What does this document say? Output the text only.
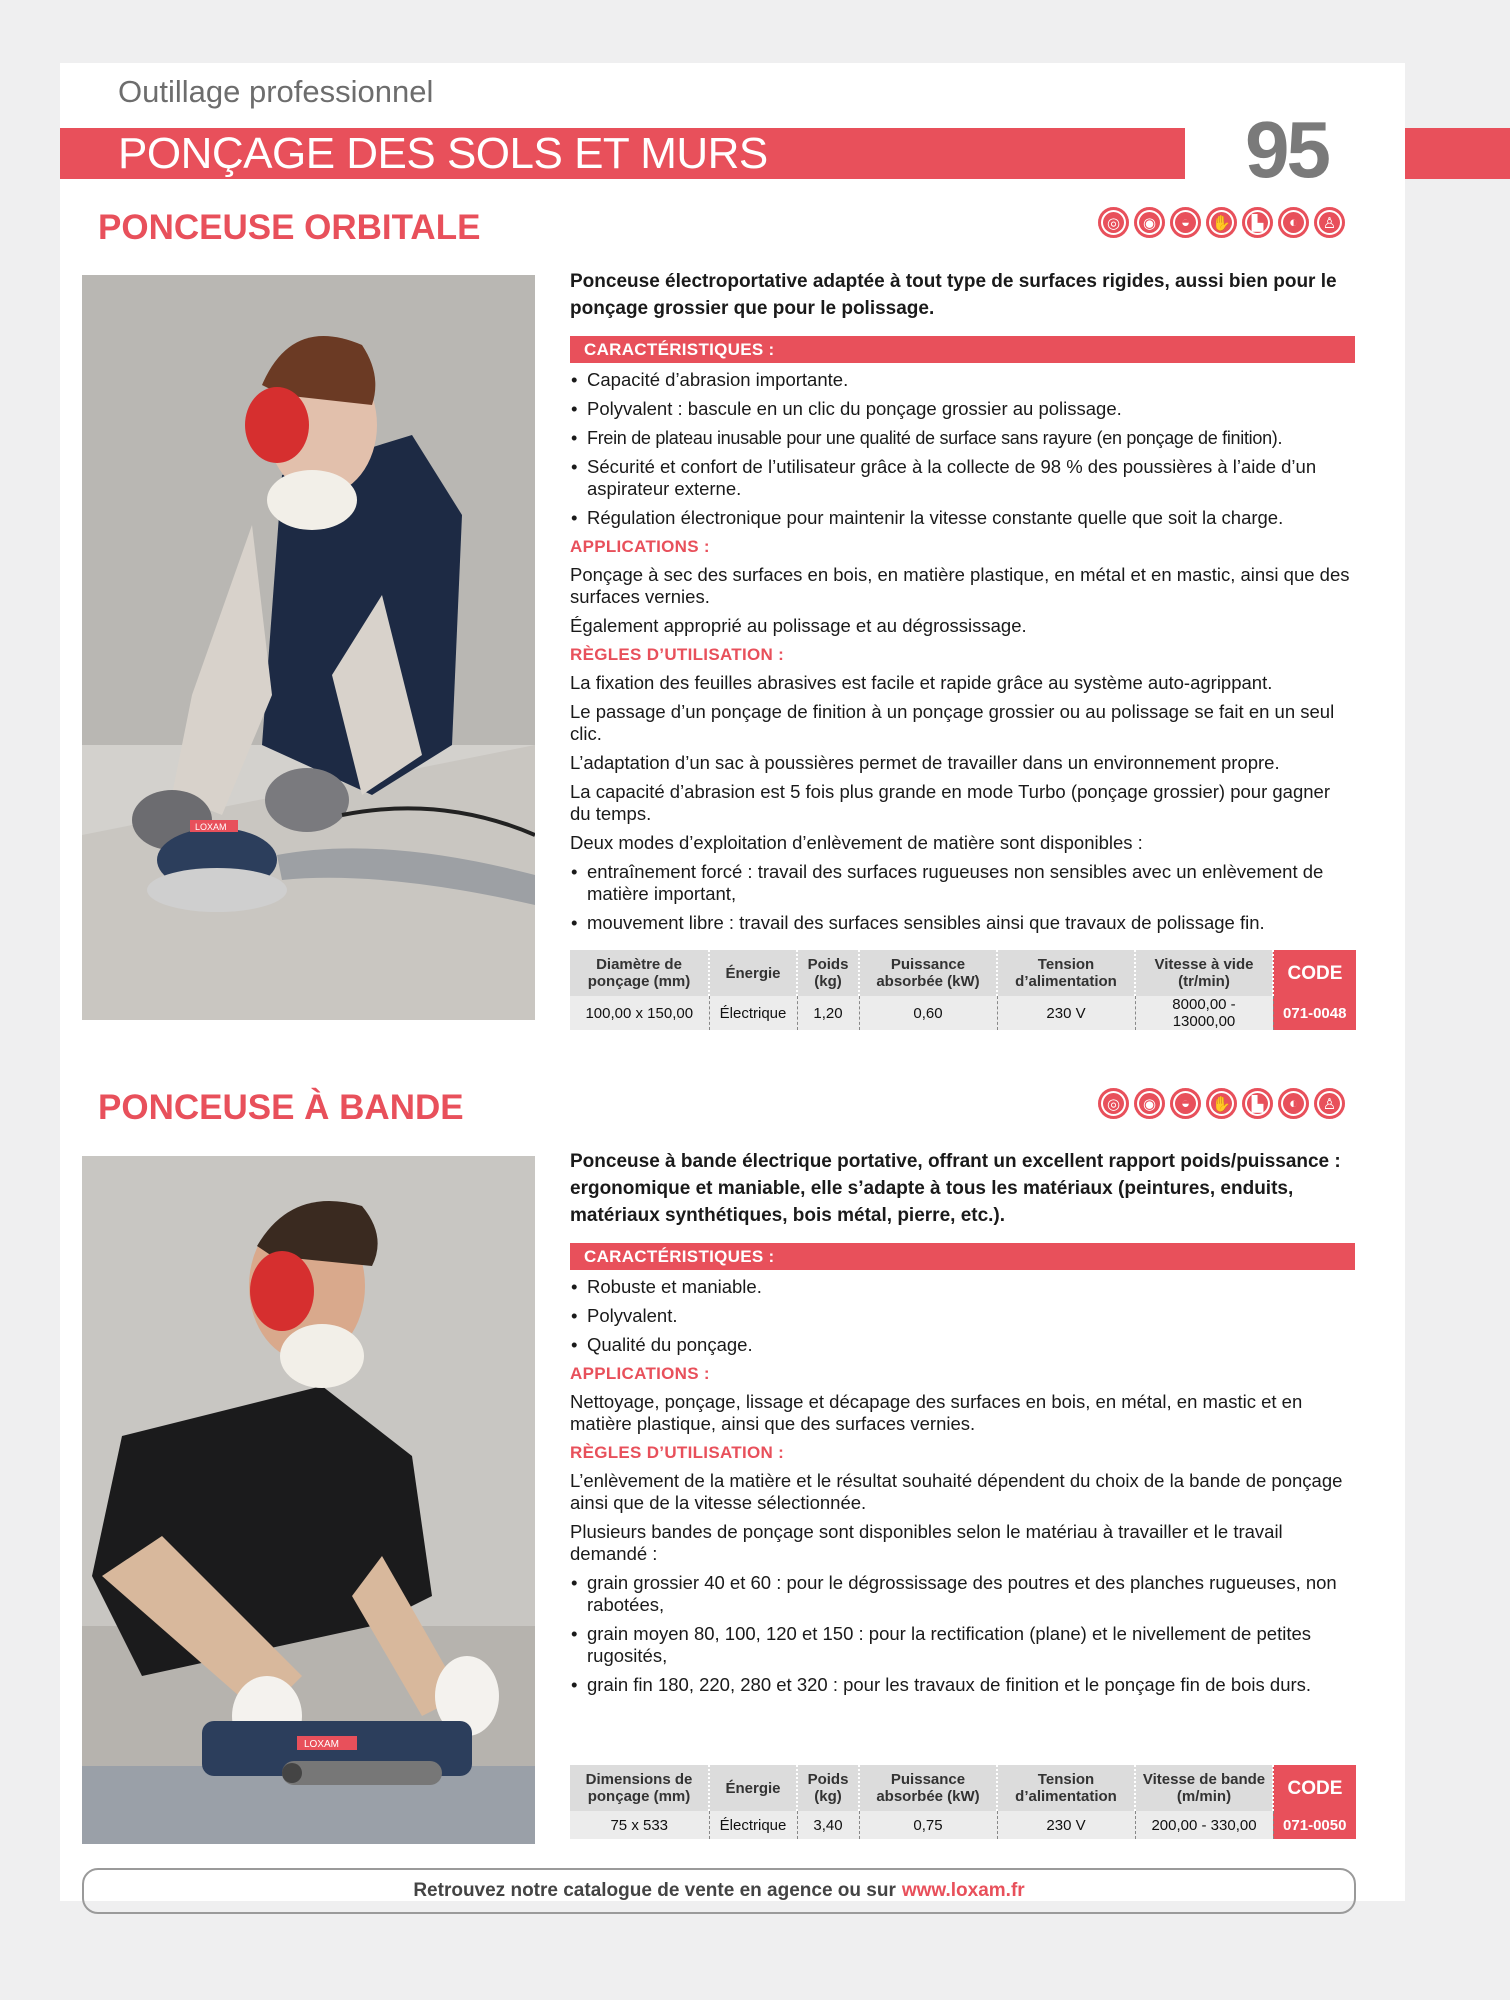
Outillage professionnel
PONÇAGE DES SOLS ET MURS	95
PONCEUSE ORBITALE	◎	◉	◒	✋	▙	◐	♙
LOXAM

Ponceuse électroportative adaptée à tout type de surfaces rigides, aussi bien pour le ponçage grossier que pour le polissage.

CARACTÉRISTIQUES :
• Capacité d’abrasion importante.
• Polyvalent : bascule en un clic du ponçage grossier au polissage.
• Frein de plateau inusable pour une qualité de surface sans rayure (en ponçage de finition).
• Sécurité et confort de l’utilisateur grâce à la collecte de 98 % des poussières à l’aide d’un aspirateur externe.
• Régulation électronique pour maintenir la vitesse constante quelle que soit la charge.
APPLICATIONS :

Ponçage à sec des surfaces en bois, en matière plastique, en métal et en mastic, ainsi que des surfaces vernies.

Également approprié au polissage et au dégrossissage.

RÈGLES D’UTILISATION :

La fixation des feuilles abrasives est facile et rapide grâce au système auto-agrippant.

Le passage d’un ponçage de finition à un ponçage grossier ou au polissage se fait en un seul clic.

L’adaptation d’un sac à poussières permet de travailler dans un environnement propre.

La capacité d’abrasion est 5 fois plus grande en mode Turbo (ponçage grossier) pour gagner du temps.

Deux modes d’exploitation d’enlèvement de matière sont disponibles :

• entraînement forcé : travail des surfaces rugueuses non sensibles avec un enlèvement de matière important,
• mouvement libre : travail des surfaces sensibles ainsi que travaux de polissage fin.
Diamètre de ponçage (mm)	Énergie	Poids (kg)	Puissance absorbée (kW)	Tension d’alimentation	Vitesse à vide (tr/min)	CODE
100,00 x 150,00	Électrique	1,20	0,60	230 V	8000,00 - 13000,00	071-0048
PONCEUSE À BANDE	◎	◉	◒	✋	▙	◐	♙
LOXAM

Ponceuse à bande électrique portative, offrant un excellent rapport poids/puissance : ergonomique et maniable, elle s’adapte à tous les matériaux (peintures, enduits, matériaux synthétiques, bois métal, pierre, etc.).

CARACTÉRISTIQUES :
• Robuste et maniable.
• Polyvalent.
• Qualité du ponçage.
APPLICATIONS :

Nettoyage, ponçage, lissage et décapage des surfaces en bois, en métal, en mastic et en matière plastique, ainsi que des surfaces vernies.

RÈGLES D’UTILISATION :

L’enlèvement de la matière et le résultat souhaité dépendent du choix de la bande de ponçage ainsi que de la vitesse sélectionnée.

Plusieurs bandes de ponçage sont disponibles selon le matériau à travailler et le travail demandé :

• grain grossier 40 et 60 : pour le dégrossissage des poutres et des planches rugueuses, non rabotées,
• grain moyen 80, 100, 120 et 150 : pour la rectification (plane) et le nivellement de petites rugosités,
• grain fin 180, 220, 280 et 320 : pour les travaux de finition et le ponçage fin de bois durs.
Dimensions de ponçage (mm)	Énergie	Poids (kg)	Puissance absorbée (kW)	Tension d’alimentation	Vitesse de bande (m/min)	CODE
75 x 533	Électrique	3,40	0,75	230 V	200,00 - 330,00	071-0050
Retrouvez notre catalogue de vente en agence ou sur www.loxam.fr
